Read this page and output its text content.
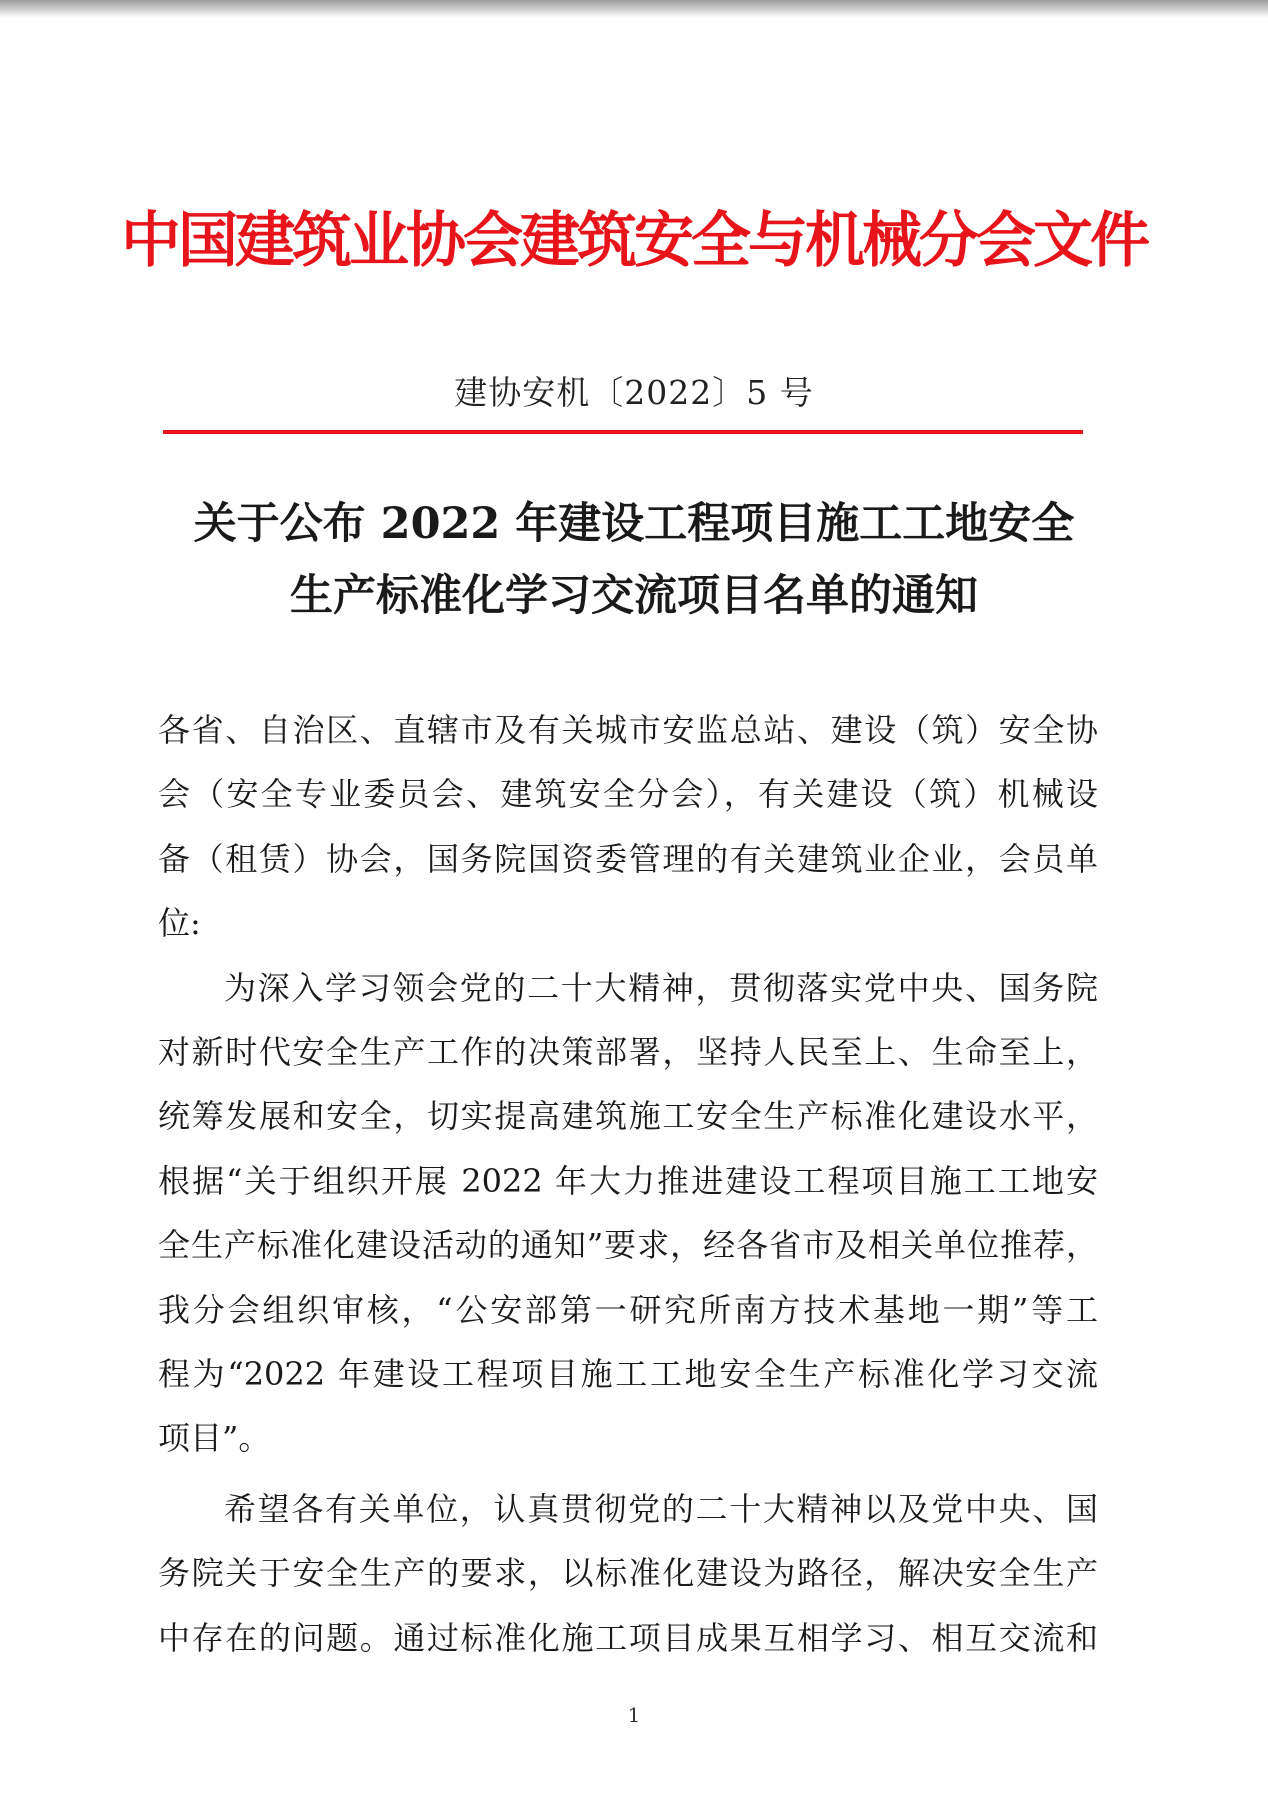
中国建筑业协会建筑安全与机械分会文件
建协安机〔2022〕5 号
关于公布 2022 年建设工程项目施工工地安全
生产标准化学习交流项目名单的通知
各省、自治区、直辖市及有关城市安监总站、建设（筑）安全协
会（安全专业委员会、建筑安全分会），有关建设（筑）机械设
备（租赁）协会，国务院国资委管理的有关建筑业企业，会员单
位:
为深入学习领会党的二十大精神，贯彻落实党中央、国务院
对新时代安全生产工作的决策部署，坚持人民至上、生命至上，
统筹发展和安全，切实提高建筑施工安全生产标准化建设水平，
根据“关于组织开展 2022 年大力推进建设工程项目施工工地安
全生产标准化建设活动的通知”要求，经各省市及相关单位推荐，
我分会组织审核，“公安部第一研究所南方技术基地一期”等工
程为“2022 年建设工程项目施工工地安全生产标准化学习交流
项目”。
希望各有关单位，认真贯彻党的二十大精神以及党中央、国
务院关于安全生产的要求，以标准化建设为路径，解决安全生产
中存在的问题。通过标准化施工项目成果互相学习、相互交流和
1
